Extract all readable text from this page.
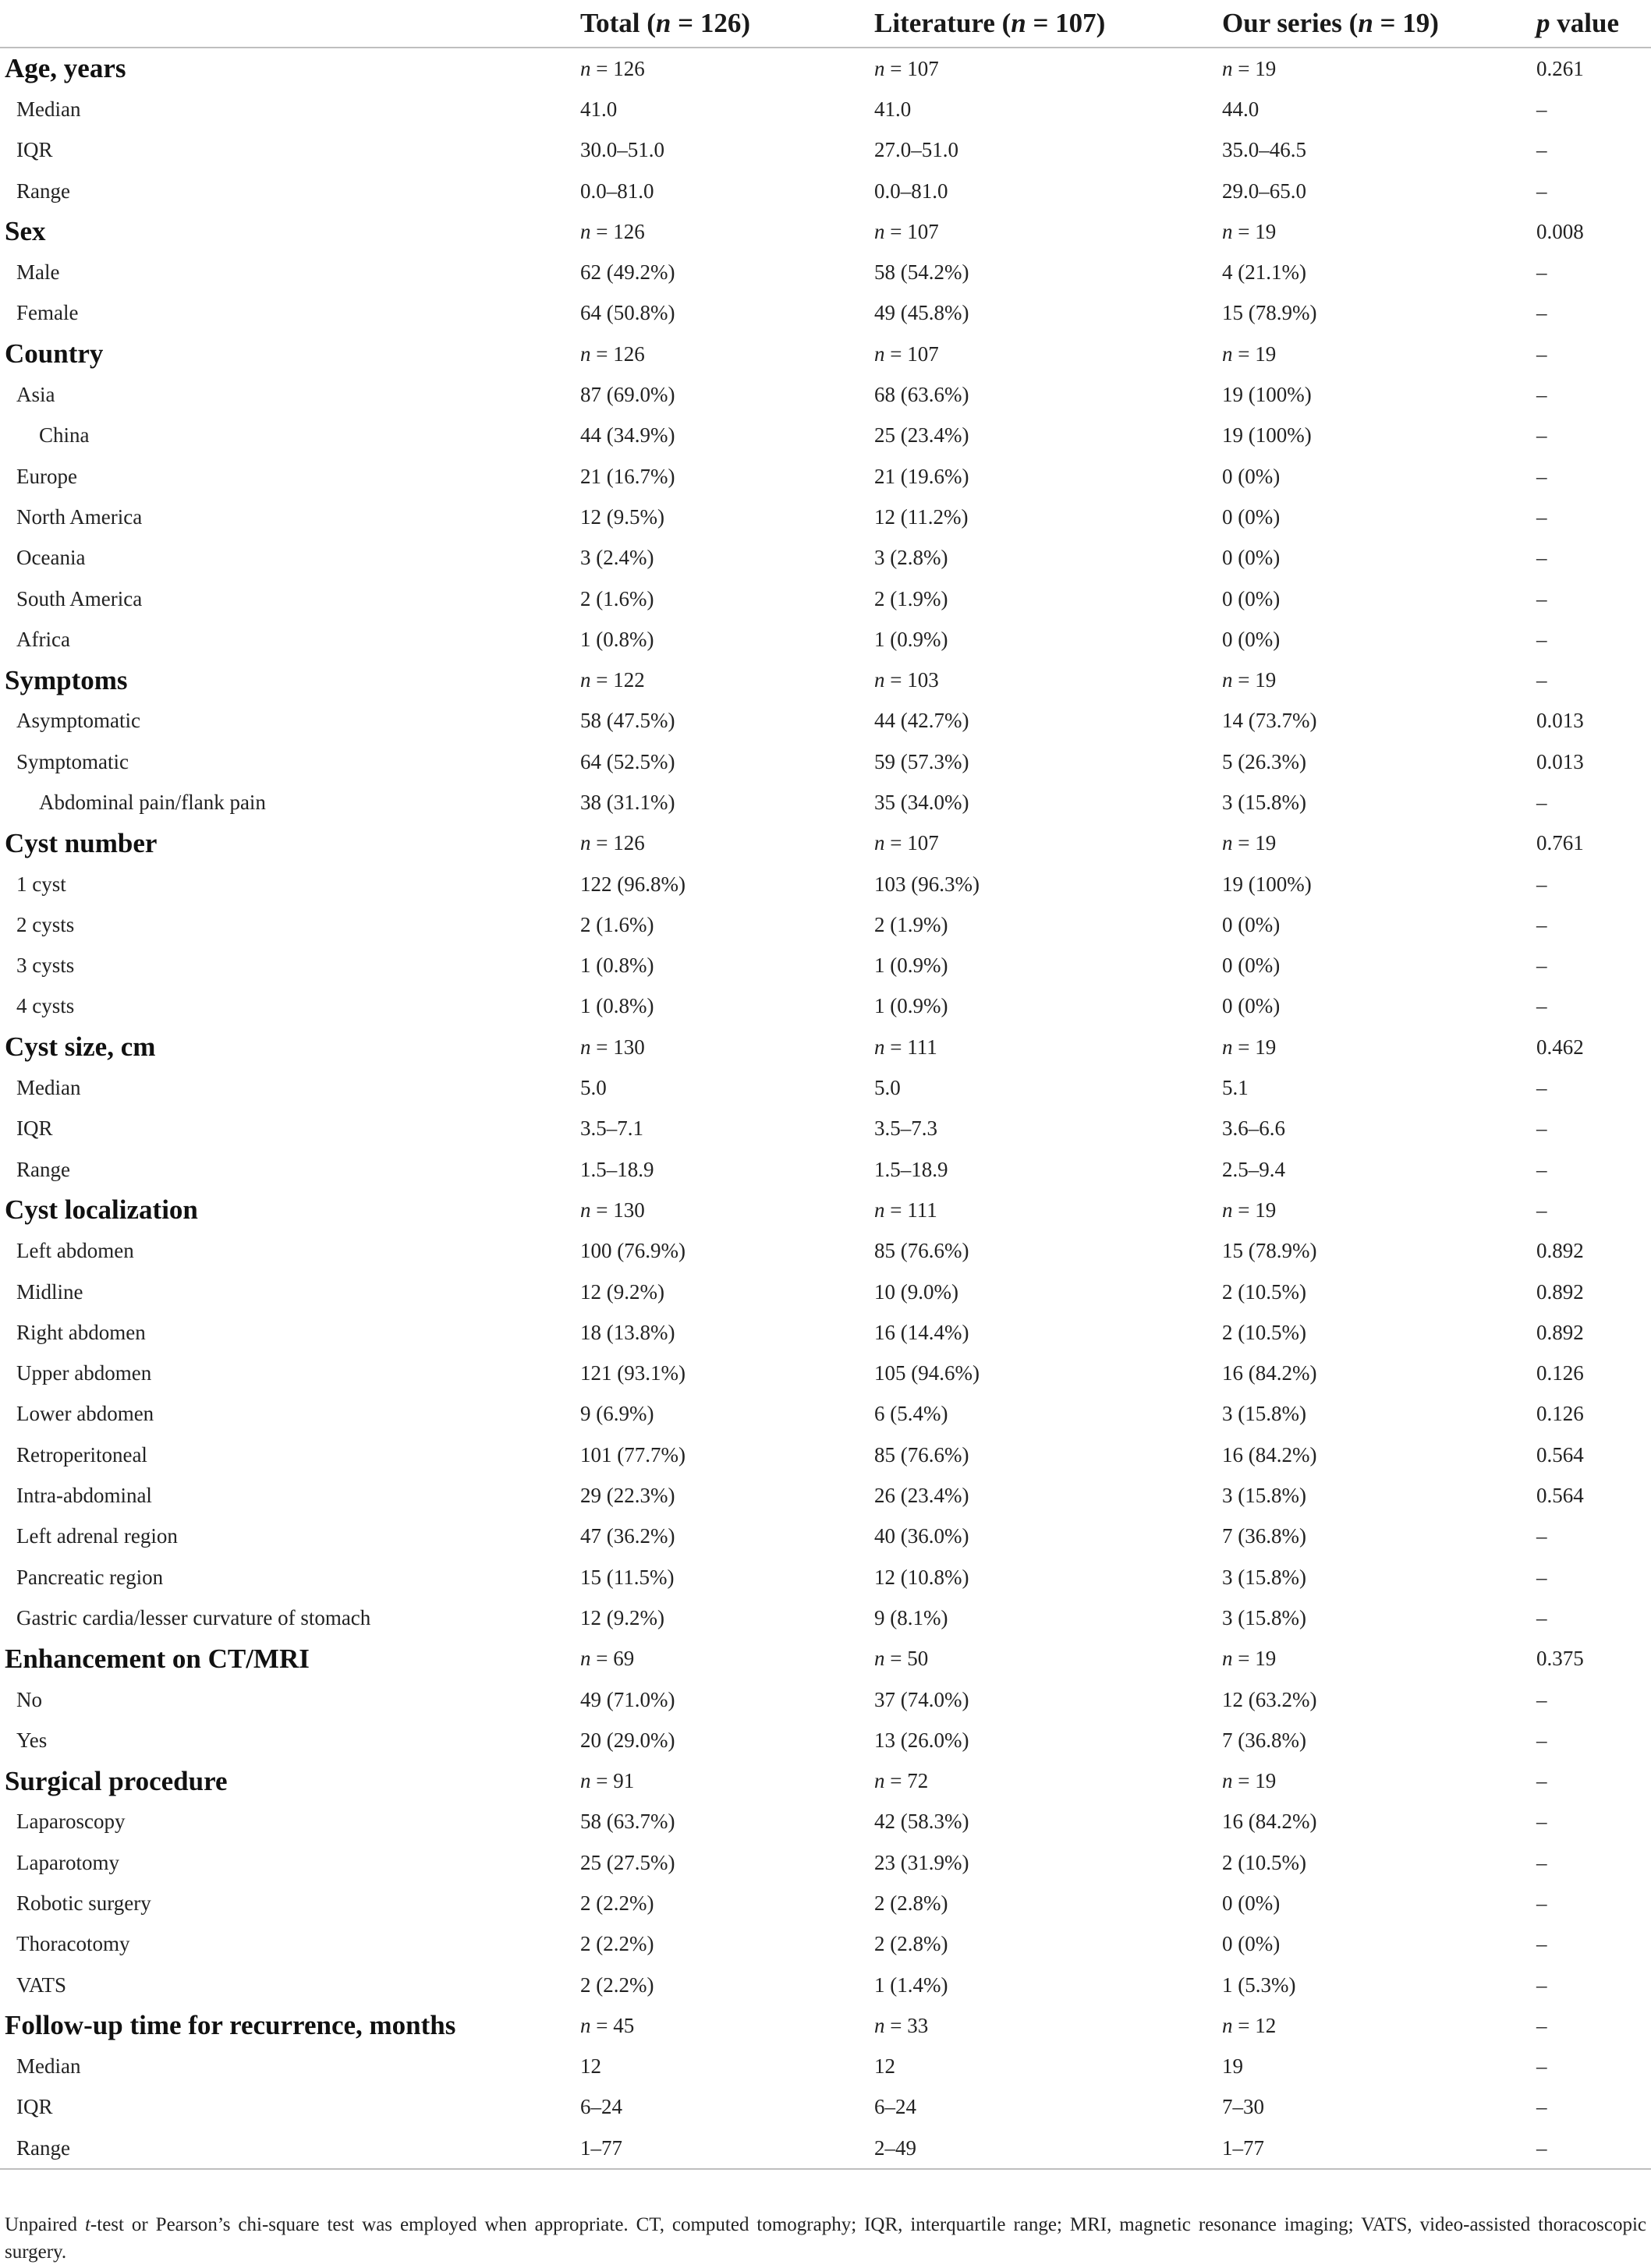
	Total (n = 126)	Literature (n = 107)	Our series (n = 19)	p value
Age, years	n = 126	n = 107	n = 19	0.261
Median	41.0	41.0	44.0	–
IQR	30.0–51.0	27.0–51.0	35.0–46.5	–
Range	0.0–81.0	0.0–81.0	29.0–65.0	–
Sex	n = 126	n = 107	n = 19	0.008
Male	62 (49.2%)	58 (54.2%)	4 (21.1%)	–
Female	64 (50.8%)	49 (45.8%)	15 (78.9%)	–
Country	n = 126	n = 107	n = 19	–
Asia	87 (69.0%)	68 (63.6%)	19 (100%)	–
China	44 (34.9%)	25 (23.4%)	19 (100%)	–
Europe	21 (16.7%)	21 (19.6%)	0 (0%)	–
North America	12 (9.5%)	12 (11.2%)	0 (0%)	–
Oceania	3 (2.4%)	3 (2.8%)	0 (0%)	–
South America	2 (1.6%)	2 (1.9%)	0 (0%)	–
Africa	1 (0.8%)	1 (0.9%)	0 (0%)	–
Symptoms	n = 122	n = 103	n = 19	–
Asymptomatic	58 (47.5%)	44 (42.7%)	14 (73.7%)	0.013
Symptomatic	64 (52.5%)	59 (57.3%)	5 (26.3%)	0.013
Abdominal pain/flank pain	38 (31.1%)	35 (34.0%)	3 (15.8%)	–
Cyst number	n = 126	n = 107	n = 19	0.761
1 cyst	122 (96.8%)	103 (96.3%)	19 (100%)	–
2 cysts	2 (1.6%)	2 (1.9%)	0 (0%)	–
3 cysts	1 (0.8%)	1 (0.9%)	0 (0%)	–
4 cysts	1 (0.8%)	1 (0.9%)	0 (0%)	–
Cyst size, cm	n = 130	n = 111	n = 19	0.462
Median	5.0	5.0	5.1	–
IQR	3.5–7.1	3.5–7.3	3.6–6.6	–
Range	1.5–18.9	1.5–18.9	2.5–9.4	–
Cyst localization	n = 130	n = 111	n = 19	–
Left abdomen	100 (76.9%)	85 (76.6%)	15 (78.9%)	0.892
Midline	12 (9.2%)	10 (9.0%)	2 (10.5%)	0.892
Right abdomen	18 (13.8%)	16 (14.4%)	2 (10.5%)	0.892
Upper abdomen	121 (93.1%)	105 (94.6%)	16 (84.2%)	0.126
Lower abdomen	9 (6.9%)	6 (5.4%)	3 (15.8%)	0.126
Retroperitoneal	101 (77.7%)	85 (76.6%)	16 (84.2%)	0.564
Intra-abdominal	29 (22.3%)	26 (23.4%)	3 (15.8%)	0.564
Left adrenal region	47 (36.2%)	40 (36.0%)	7 (36.8%)	–
Pancreatic region	15 (11.5%)	12 (10.8%)	3 (15.8%)	–
Gastric cardia/lesser curvature of stomach	12 (9.2%)	9 (8.1%)	3 (15.8%)	–
Enhancement on CT/MRI	n = 69	n = 50	n = 19	0.375
No	49 (71.0%)	37 (74.0%)	12 (63.2%)	–
Yes	20 (29.0%)	13 (26.0%)	7 (36.8%)	–
Surgical procedure	n = 91	n = 72	n = 19	–
Laparoscopy	58 (63.7%)	42 (58.3%)	16 (84.2%)	–
Laparotomy	25 (27.5%)	23 (31.9%)	2 (10.5%)	–
Robotic surgery	2 (2.2%)	2 (2.8%)	0 (0%)	–
Thoracotomy	2 (2.2%)	2 (2.8%)	0 (0%)	–
VATS	2 (2.2%)	1 (1.4%)	1 (5.3%)	–
Follow-up time for recurrence, months	n = 45	n = 33	n = 12	–
Median	12	12	19	–
IQR	6–24	6–24	7–30	–
Range	1–77	2–49	1–77	–
Unpaired t-test or Pearson’s chi-square test was employed when appropriate. CT, computed tomography; IQR, interquartile range; MRI, magnetic resonance imaging; VATS, video-assisted thoracoscopic surgery.
